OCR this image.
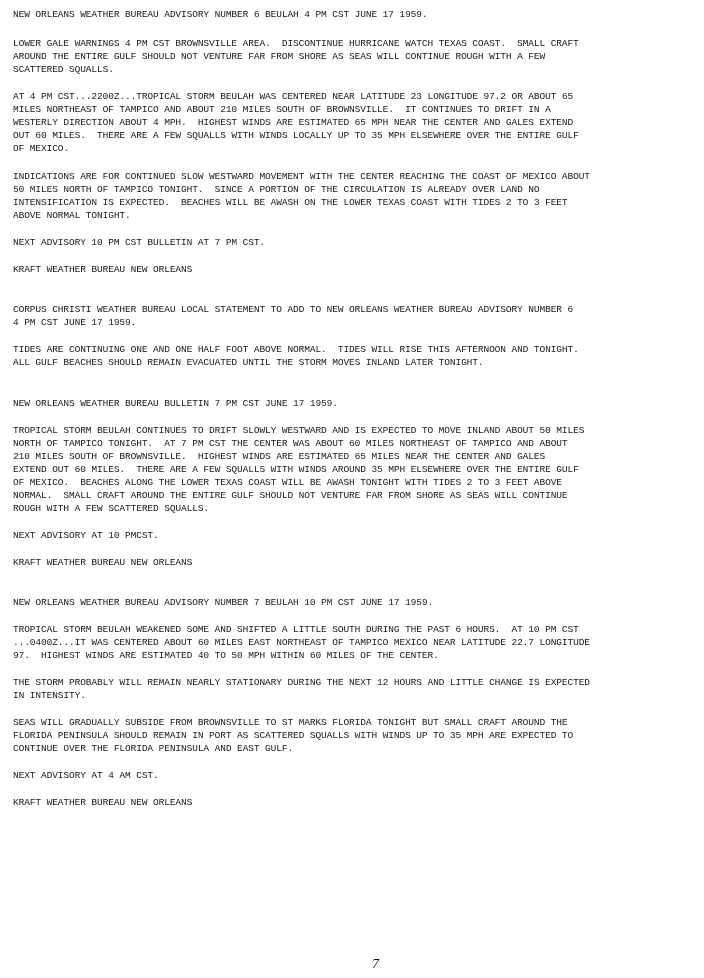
NEW ORLEANS WEATHER BUREAU ADVISORY NUMBER 6 BEULAH 4 PM CST JUNE 17 1959.
LOWER GALE WARNINGS 4 PM CST BROWNSVILLE AREA.  DISCONTINUE HURRICANE WATCH TEXAS COAST.  SMALL CRAFT
AROUND THE ENTIRE GULF SHOULD NOT VENTURE FAR FROM SHORE AS SEAS WILL CONTINUE ROUGH WITH A FEW
SCATTERED SQUALLS.
AT 4 PM CST...2200Z...TROPICAL STORM BEULAH WAS CENTERED NEAR LATITUDE 23 LONGITUDE 97.2 OR ABOUT 65
MILES NORTHEAST OF TAMPICO AND ABOUT 210 MILES SOUTH OF BROWNSVILLE.  IT CONTINUES TO DRIFT IN A
WESTERLY DIRECTION ABOUT 4 MPH.  HIGHEST WINDS ARE ESTIMATED 65 MPH NEAR THE CENTER AND GALES EXTEND
OUT 60 MILES.  THERE ARE A FEW SQUALLS WITH WINDS LOCALLY UP TO 35 MPH ELSEWHERE OVER THE ENTIRE GULF
OF MEXICO.
INDICATIONS ARE FOR CONTINUED SLOW WESTWARD MOVEMENT WITH THE CENTER REACHING THE COAST OF MEXICO ABOUT
50 MILES NORTH OF TAMPICO TONIGHT.  SINCE A PORTION OF THE CIRCULATION IS ALREADY OVER LAND NO
INTENSIFICATION IS EXPECTED.  BEACHES WILL BE AWASH ON THE LOWER TEXAS COAST WITH TIDES 2 TO 3 FEET
ABOVE NORMAL TONIGHT.
NEXT ADVISORY 10 PM CST BULLETIN AT 7 PM CST.
KRAFT WEATHER BUREAU NEW ORLEANS
CORPUS CHRISTI WEATHER BUREAU LOCAL STATEMENT TO ADD TO NEW ORLEANS WEATHER BUREAU ADVISORY NUMBER 6
4 PM CST JUNE 17 1959.
TIDES ARE CONTINUING ONE AND ONE HALF FOOT ABOVE NORMAL.  TIDES WILL RISE THIS AFTERNOON AND TONIGHT.
ALL GULF BEACHES SHOULD REMAIN EVACUATED UNTIL THE STORM MOVES INLAND LATER TONIGHT.
NEW ORLEANS WEATHER BUREAU BULLETIN 7 PM CST JUNE 17 1959.
TROPICAL STORM BEULAH CONTINUES TO DRIFT SLOWLY WESTWARD AND IS EXPECTED TO MOVE INLAND ABOUT 50 MILES
NORTH OF TAMPICO TONIGHT.  AT 7 PM CST THE CENTER WAS ABOUT 60 MILES NORTHEAST OF TAMPICO AND ABOUT
210 MILES SOUTH OF BROWNSVILLE.  HIGHEST WINDS ARE ESTIMATED 65 MILES NEAR THE CENTER AND GALES
EXTEND OUT 60 MILES.  THERE ARE A FEW SQUALLS WITH WINDS AROUND 35 MPH ELSEWHERE OVER THE ENTIRE GULF
OF MEXICO.  BEACHES ALONG THE LOWER TEXAS COAST WILL BE AWASH TONIGHT WITH TIDES 2 TO 3 FEET ABOVE
NORMAL.  SMALL CRAFT AROUND THE ENTIRE GULF SHOULD NOT VENTURE FAR FROM SHORE AS SEAS WILL CONTINUE
ROUGH WITH A FEW SCATTERED SQUALLS.
NEXT ADVISORY AT 10 PMCST.
KRAFT WEATHER BUREAU NEW ORLEANS
NEW ORLEANS WEATHER BUREAU ADVISORY NUMBER 7 BEULAH 10 PM CST JUNE 17 1959.
TROPICAL STORM BEULAH WEAKENED SOME AND SHIFTED A LITTLE SOUTH DURING THE PAST 6 HOURS.  AT 10 PM CST
...0400Z...IT WAS CENTERED ABOUT 60 MILES EAST NORTHEAST OF TAMPICO MEXICO NEAR LATITUDE 22.7 LONGITUDE
97.  HIGHEST WINDS ARE ESTIMATED 40 TO 50 MPH WITHIN 60 MILES OF THE CENTER.
THE STORM PROBABLY WILL REMAIN NEARLY STATIONARY DURING THE NEXT 12 HOURS AND LITTLE CHANGE IS EXPECTED
IN INTENSITY.
SEAS WILL GRADUALLY SUBSIDE FROM BROWNSVILLE TO ST MARKS FLORIDA TONIGHT BUT SMALL CRAFT AROUND THE
FLORIDA PENINSULA SHOULD REMAIN IN PORT AS SCATTERED SQUALLS WITH WINDS UP TO 35 MPH ARE EXPECTED TO
CONTINUE OVER THE FLORIDA PENINSULA AND EAST GULF.
NEXT ADVISORY AT 4 AM CST.
KRAFT WEATHER BUREAU NEW ORLEANS
7
